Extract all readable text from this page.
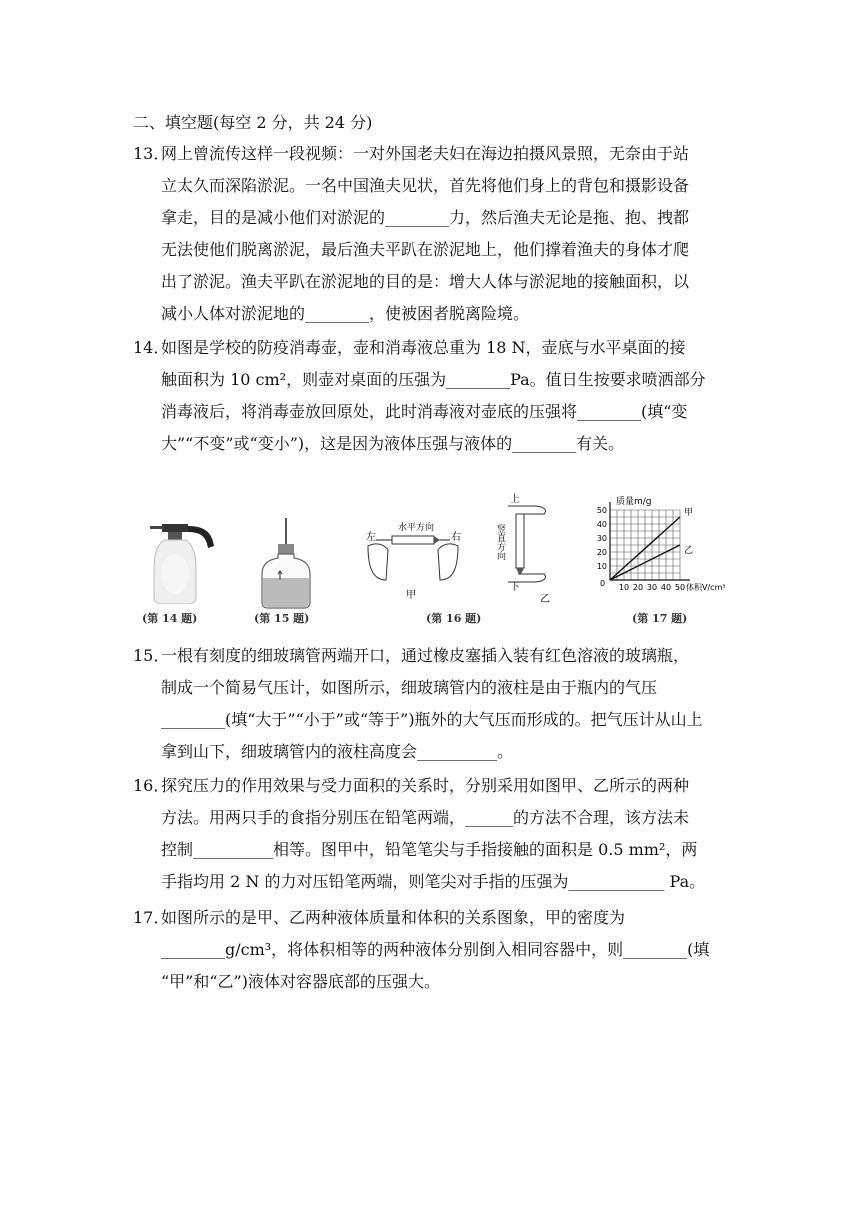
二、填空题(每空 2 分，共 24 分)
13．
网上曾流传这样一段视频：一对外国老夫妇在海边拍摄风景照，无奈由于站
立太久而深陷淤泥。一名中国渔夫见状，首先将他们身上的背包和摄影设备
拿走，目的是减小他们对淤泥的________力，然后渔夫无论是拖、抱、拽都
无法使他们脱离淤泥，最后渔夫平趴在淤泥地上，他们撑着渔夫的身体才爬
出了淤泥。渔夫平趴在淤泥地的目的是：增大人体与淤泥地的接触面积，以
减小人体对淤泥地的________，使被困者脱离险境。
14．
如图是学校的防疫消毒壶，壶和消毒液总重为 18 N，壶底与水平桌面的接
触面积为 10 cm²，则壶对桌面的压强为________Pa。值日生按要求喷洒部分
消毒液后，将消毒壶放回原处，此时消毒液对壶底的压强将________(填“变
大”“不变”或“变小”)，这是因为液体压强与液体的________有关。
左
水平方向
右
甲
上
竖直方向
下
乙
甲
乙
50
40
30
20
10
10 20 30 40 50
质量m/g
体积V/cm³
0
(第 14 题)	(第 15 题)	(第 16 题)	(第 17 题)
15．
一根有刻度的细玻璃管两端开口，通过橡皮塞插入装有红色溶液的玻璃瓶，
制成一个简易气压计，如图所示，细玻璃管内的液柱是由于瓶内的气压
________(填“大于”“小于”或“等于”)瓶外的大气压而形成的。把气压计从山上
拿到山下，细玻璃管内的液柱高度会__________。
16．
探究压力的作用效果与受力面积的关系时，分别采用如图甲、乙所示的两种
方法。用两只手的食指分别压在铅笔两端，______的方法不合理，该方法未
控制__________相等。图甲中，铅笔笔尖与手指接触的面积是 0.5 mm²，两
手指均用 2 N 的力对压铅笔两端，则笔尖对手指的压强为____________ Pa。
17．
如图所示的是甲、乙两种液体质量和体积的关系图象，甲的密度为
________g/cm³，将体积相等的两种液体分别倒入相同容器中，则________(填
“甲”和“乙”)液体对容器底部的压强大。
